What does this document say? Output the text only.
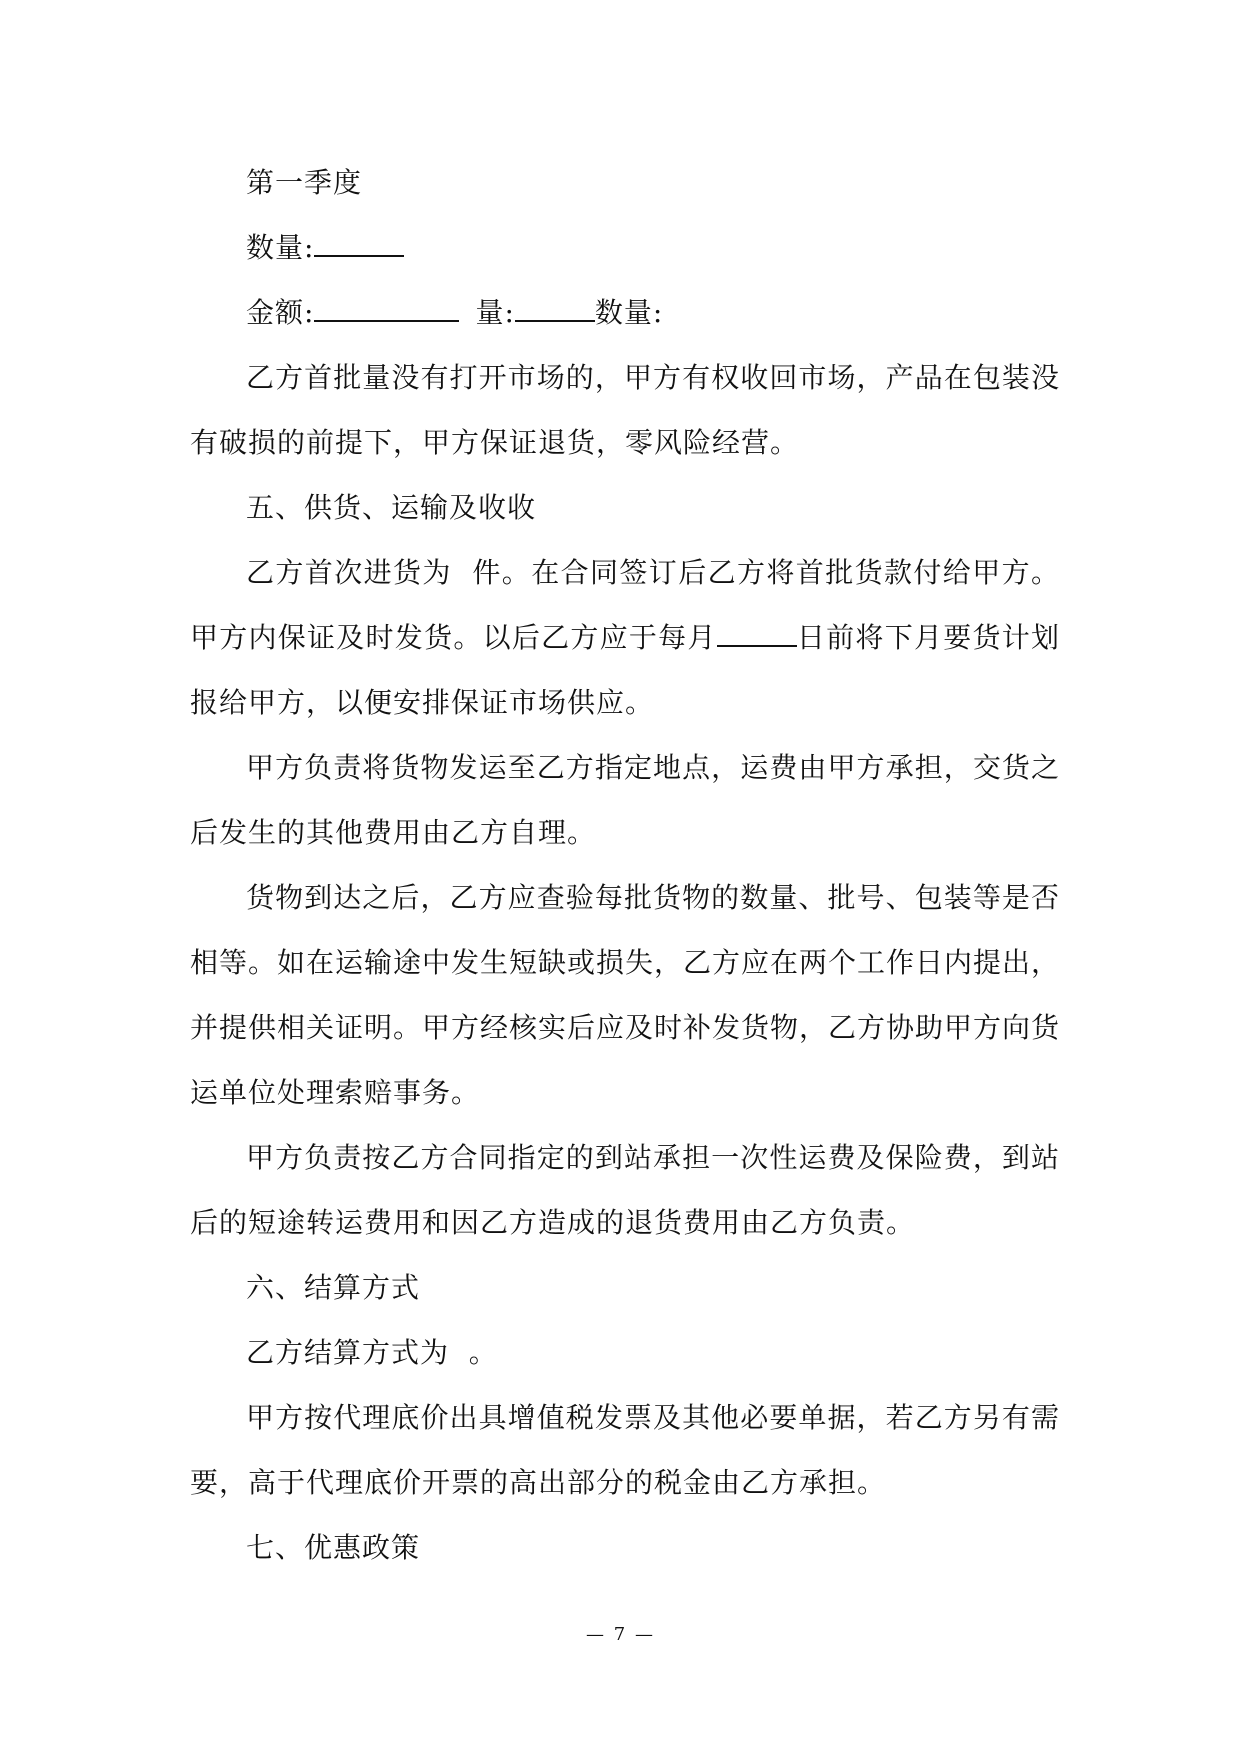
第一季度

数量:

金额:	量:	数量:

乙方首批量没有打开市场的，甲方有权收回市场，产品在包装没有破损的前提下，甲方保证退货，零风险经营。

五、供货、运输及收收

乙方首次进货为  件。在合同签订后乙方将首批货款付给甲方。甲方内保证及时发货。以后乙方应于每月	日前将下月要货计划报给甲方，以便安排保证市场供应。

甲方负责将货物发运至乙方指定地点，运费由甲方承担，交货之后发生的其他费用由乙方自理。

货物到达之后，乙方应查验每批货物的数量、批号、包装等是否相等。如在运输途中发生短缺或损失，乙方应在两个工作日内提出，并提供相关证明。甲方经核实后应及时补发货物，乙方协助甲方向货运单位处理索赔事务。

甲方负责按乙方合同指定的到站承担一次性运费及保险费，到站后的短途转运费用和因乙方造成的退货费用由乙方负责。

六、结算方式

乙方结算方式为  。

甲方按代理底价出具增值税发票及其他必要单据，若乙方另有需要，高于代理底价开票的高出部分的税金由乙方承担。

七、优惠政策

— 7 —
